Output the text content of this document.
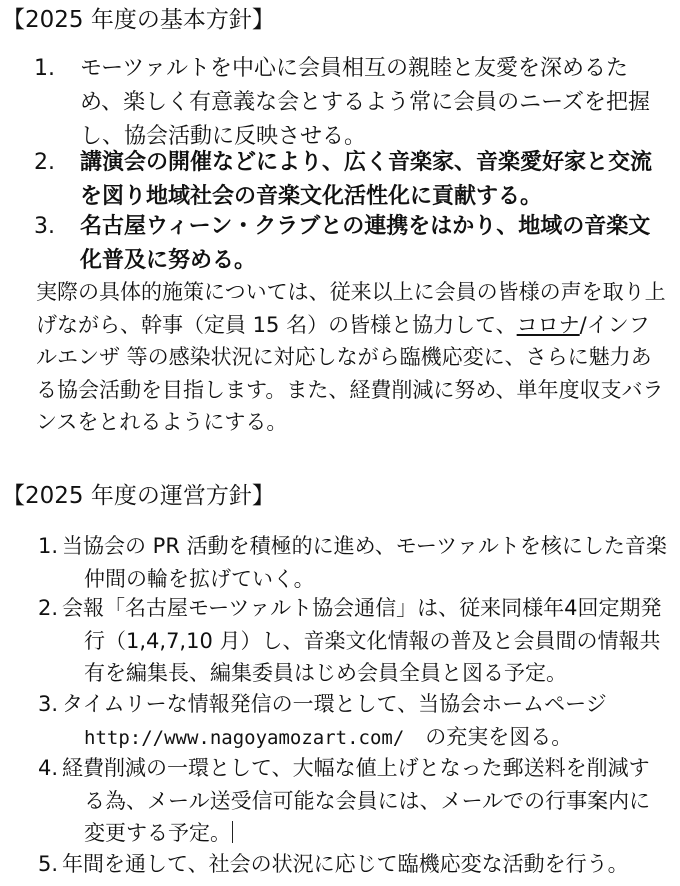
【2025 年度の基本方針】
1. モーツァルトを中心に会員相互の親睦と友愛を深めるため、楽しく有意義な会とするよう常に会員のニーズを把握し、協会活動に反映させる。
2. 講演会の開催などにより、広く音楽家、音楽愛好家と交流を図り地域社会の音楽文化活性化に貢献する。
3. 名古屋ウィーン・クラブとの連携をはかり、地域の音楽文化普及に努める。

実際の具体的施策については、従来以上に会員の皆様の声を取り上げながら、幹事（定員 15 名）の皆様と協力して、コロナ/インフルエンザ 等の感染状況に対応しながら臨機応変に、さらに魅力ある協会活動を目指します。また、経費削減に努め、単年度収支バランスをとれるようにする。

【2025 年度の運営方針】
1. 当協会の PR 活動を積極的に進め、モーツァルトを核にした音楽仲間の輪を拡げていく。
2. 会報「名古屋モーツァルト協会通信」は、従来同様年4回定期発行（1,4,7,10 月）し、音楽文化情報の普及と会員間の情報共有を編集長、編集委員はじめ会員全員と図る予定。
3. タイムリーな情報発信の一環として、当協会ホームページ http://www.nagoyamozart.com/　の充実を図る。
4. 経費削減の一環として、大幅な値上げとなった郵送料を削減する為、メール送受信可能な会員には、メールでの行事案内に変更する予定。
5. 年間を通して、社会の状況に応じて臨機応変な活動を行う。
